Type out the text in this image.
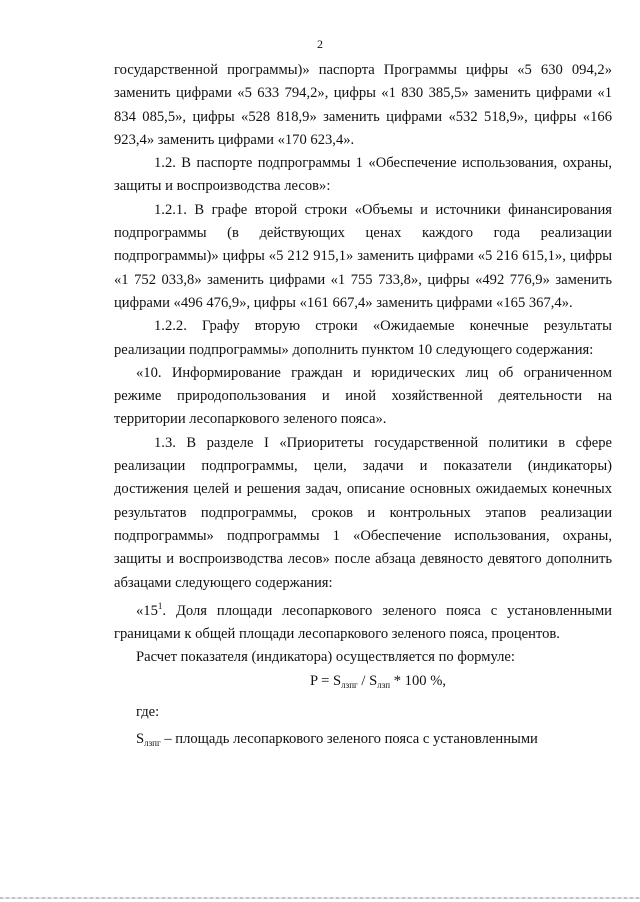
2

государственной программы)» паспорта Программы цифры «5 630 094,2» заменить цифрами «5 633 794,2», цифры «1 830 385,5» заменить цифрами «1 834 085,5», цифры «528 818,9» заменить цифрами «532 518,9», цифры «166 923,4» заменить цифрами «170 623,4».

1.2. В паспорте подпрограммы 1 «Обеспечение использования, охраны, защиты и воспроизводства лесов»:

1.2.1. В графе второй строки «Объемы и источники финансирования подпрограммы (в действующих ценах каждого года реализации подпрограммы)» цифры «5 212 915,1» заменить цифрами «5 216 615,1», цифры «1 752 033,8» заменить цифрами «1 755 733,8», цифры «492 776,9» заменить цифрами «496 476,9», цифры «161 667,4» заменить цифрами «165 367,4».

1.2.2. Графу вторую строки «Ожидаемые конечные результаты реализации подпрограммы» дополнить пунктом 10 следующего содержания:

«10. Информирование граждан и юридических лиц об ограниченном режиме природопользования и иной хозяйственной деятельности на территории лесопаркового зеленого пояса».

1.3. В разделе I «Приоритеты государственной политики в сфере реализации подпрограммы, цели, задачи и показатели (индикаторы) достижения целей и решения задач, описание основных ожидаемых конечных результатов подпрограммы, сроков и контрольных этапов реализации подпрограммы» подпрограммы 1 «Обеспечение использования, охраны, защиты и воспроизводства лесов» после абзаца девяносто девятого дополнить абзацами следующего содержания:

«$15^1$. Доля площади лесопаркового зеленого пояса с установленными границами к общей площади лесопаркового зеленого пояса, процентов.

Расчет показателя (индикатора) осуществляется по формуле:

$P = S_{лзпг} / S_{лзп} * 100$ %,

где:

$S_{лзпг}$ – площадь лесопаркового зеленого пояса с установленными
